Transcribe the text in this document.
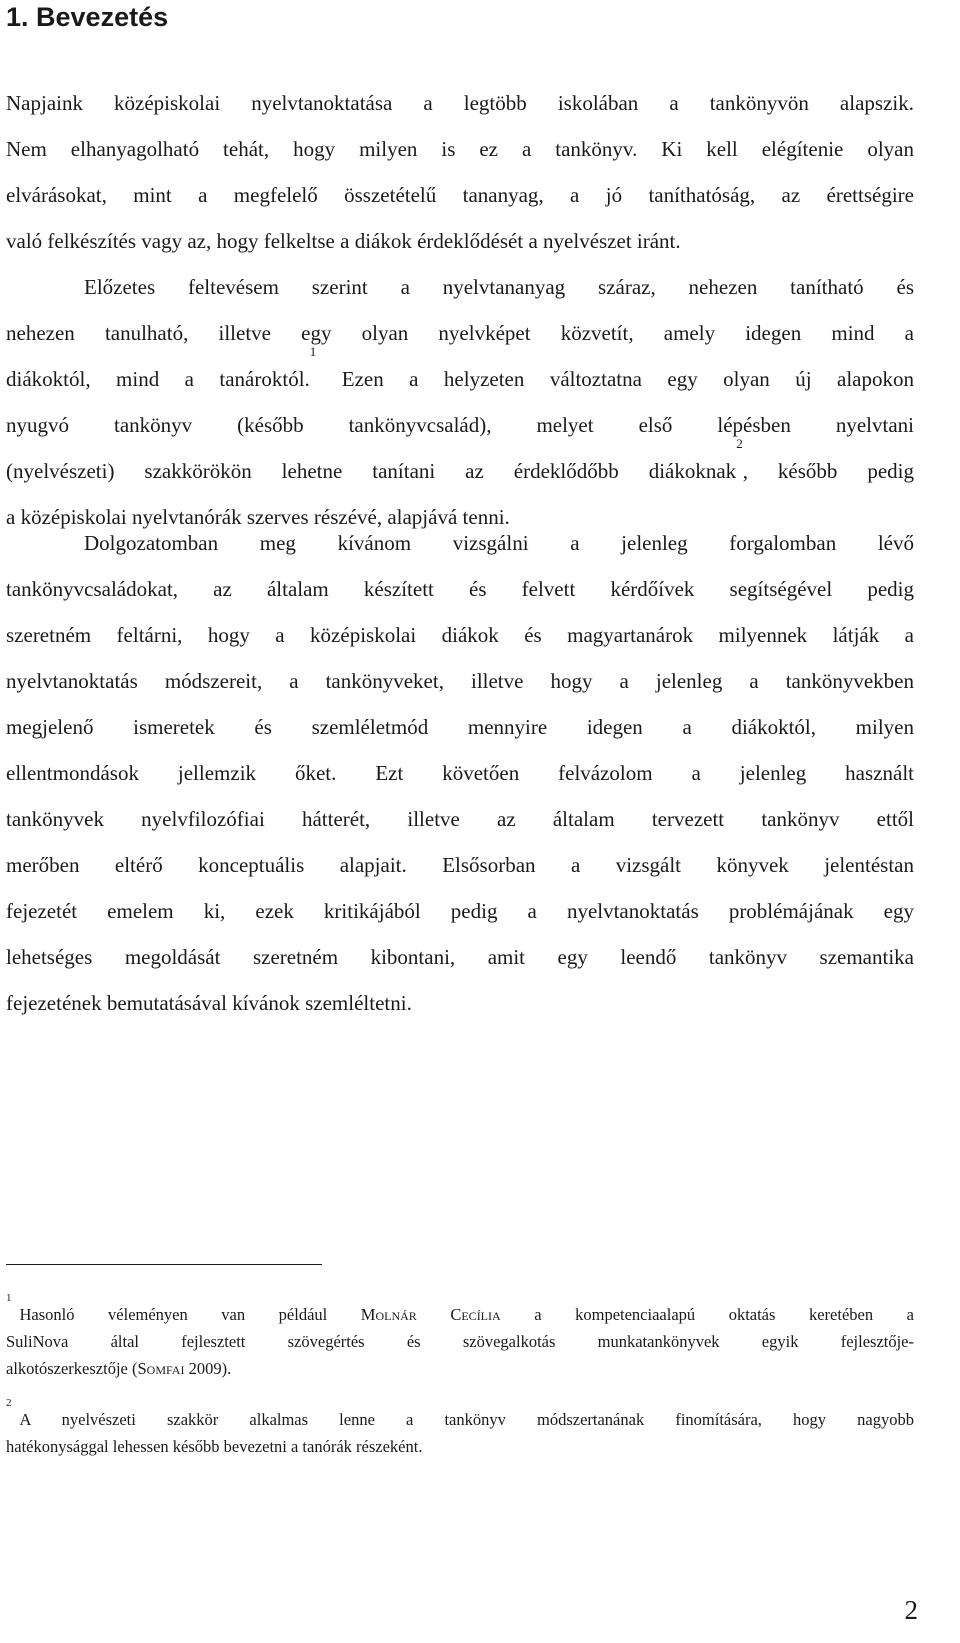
1. Bevezetés
Napjaink középiskolai nyelvtanoktatása a legtöbb iskolában a tankönyvön alapszik.
Nem elhanyagolható tehát, hogy milyen is ez a tankönyv. Ki kell elégítenie olyan
elvárásokat, mint a megfelelő összetételű tananyag, a jó taníthatóság, az érettségire
való felkészítés vagy az, hogy felkeltse a diákok érdeklődését a nyelvészet iránt.
Előzetes feltevésem szerint a nyelvtananyag száraz, nehezen tanítható és
nehezen tanulható, illetve egy olyan nyelvképet közvetít, amely idegen mind a
diákoktól, mind a tanároktól.$^1$ Ezen a helyzeten változtatna egy olyan új alapokon
nyugvó tankönyv (később tankönyvcsalád), melyet első lépésben nyelvtani
(nyelvészeti) szakkörökön lehetne tanítani az érdeklődőbb diákoknak$^2$, később pedig
a középiskolai nyelvtanórák szerves részévé, alapjává tenni.
Dolgozatomban meg kívánom vizsgálni a jelenleg forgalomban lévő
tankönyvcsaládokat, az általam készített és felvett kérdőívek segítségével pedig
szeretném feltárni, hogy a középiskolai diákok és magyartanárok milyennek látják a
nyelvtanoktatás módszereit, a tankönyveket, illetve hogy a jelenleg a tankönyvekben
megjelenő ismeretek és szemléletmód mennyire idegen a diákoktól, milyen
ellentmondások jellemzik őket. Ezt követően felvázolom a jelenleg használt
tankönyvek nyelvfilozófiai hátterét, illetve az általam tervezett tankönyv ettől
merőben eltérő konceptuális alapjait. Elsősorban a vizsgált könyvek jelentéstan
fejezetét emelem ki, ezek kritikájából pedig a nyelvtanoktatás problémájának egy
lehetséges megoldását szeretném kibontani, amit egy leendő tankönyv szemantika
fejezetének bemutatásával kívánok szemléltetni.
$^1$Hasonló véleményen van például Molnár Cecília a kompetenciaalapú oktatás keretében a
SuliNova által fejlesztett szövegértés és szövegalkotás munkatankönyvek egyik fejlesztője-
alkotószerkesztője (Somfai 2009).
$^2$A nyelvészeti szakkör alkalmas lenne a tankönyv módszertanának finomítására, hogy nagyobb
hatékonysággal lehessen később bevezetni a tanórák részeként.
2
